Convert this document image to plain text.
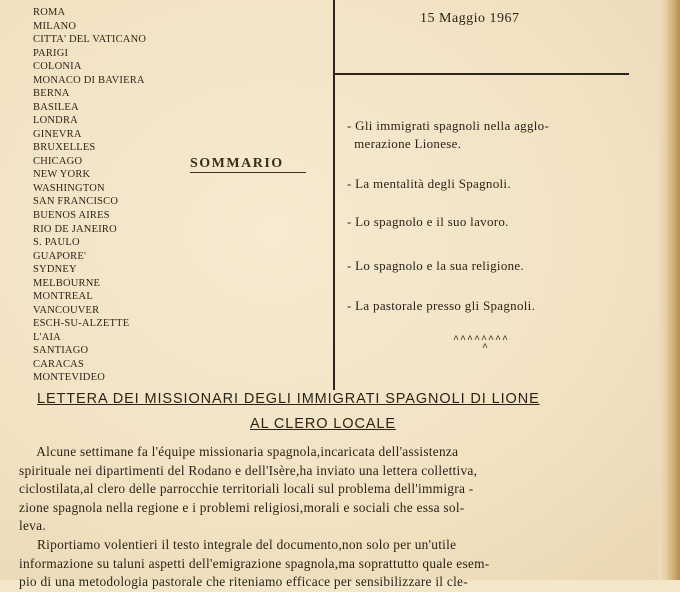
ROMA
MILANO
CITTA' DEL VATICANO
PARIGI
COLONIA
MONACO DI BAVIERA
BERNA
BASILEA
LONDRA
GINEVRA
BRUXELLES
CHICAGO
NEW YORK
WASHINGTON
SAN FRANCISCO
BUENOS AIRES
RIO DE JANEIRO
S. PAULO
GUAPORE'
SYDNEY
MELBOURNE
MONTREAL
VANCOUVER
ESCH-SU-ALZETTE
L'AIA
SANTIAGO
CARACAS
MONTEVIDEO
SOMMARIO
15 Maggio 1967
- Gli immigrati spagnoli nella agglo-
merazione Lionese.
- La mentalità degli Spagnoli.
- Lo spagnolo e il suo lavoro.
- Lo spagnolo e la sua religione.
- La pastorale presso gli Spagnoli.
^^^^^^^^
^
LETTERA DEI MISSIONARI DEGLI IMMIGRATI SPAGNOLI DI LIONE
AL CLERO LOCALE
Alcune settimane fa l'équipe missionaria spagnola,incaricata dell'assistenza
spirituale nei dipartimenti del Rodano e dell'Isère,ha inviato una lettera collettiva,
ciclostilata,al clero delle parrocchie territoriali locali sul problema dell'immigra -
zione spagnola nella regione e i problemi religiosi,morali e sociali che essa sol-
leva.
Riportiamo volentieri il testo integrale del documento,non solo per un'utile
informazione su taluni aspetti dell'emigrazione spagnola,ma soprattutto quale esem-
pio di una metodologia pastorale che riteniamo efficace per sensibilizzare il cle-
